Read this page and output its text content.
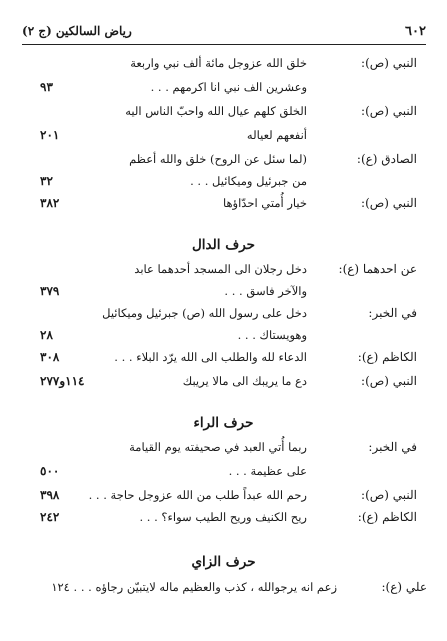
٦٠٢
رياض السالكين (ج ٢)
النبي (ص):
خلق الله عزوجل مائة ألف نبي واربعة
وعشرين الف نبي انا اكرمهم . . .
٩٣
النبي (ص):
الخلق كلهم عيال الله واحبّ الناس اليه
أنفعهم لعياله
٢٠١
الصادق (ع):
(لما سئل عن الروح) خلق والله أعظم
من جبرئيل وميكائيل . . .
٣٢
النبي (ص):
خيار أُمتي احدّاؤها
٣٨٢
حرف الدال
عن احدهما (ع):
دخل رجلان الى المسجد أحدهما عابد
والآخر فاسق . . .
٣٧٩
في الخبر:
دخل على رسول الله (ص) جبرئيل وميكائيل
وهويستاك . . .
٢٨
الكاظم (ع):
الدعاء لله والطلب الى الله يرّد البلاء . . .
٣٠٨
النبي (ص):
دع ما يريبك الى مالا يريبك
١١٤و٢٧٧
حرف الراء
في الخبر:
ربما أُتي العبد في صحيفته يوم القيامة
على عظيمة . . .
٥٠٠
النبي (ص):
رحم الله عبداً طلب من الله عزوجل حاجة . . .
٣٩٨
الكاظم (ع):
ريح الكنيف وريح الطيب سواء؟ . . .
٢٤٢
حرف الزاي
علي (ع):
زعم انه يرجوالله ، كذب والعظيم ماله لايتبيّن رجاؤه . . . ١٢٤
